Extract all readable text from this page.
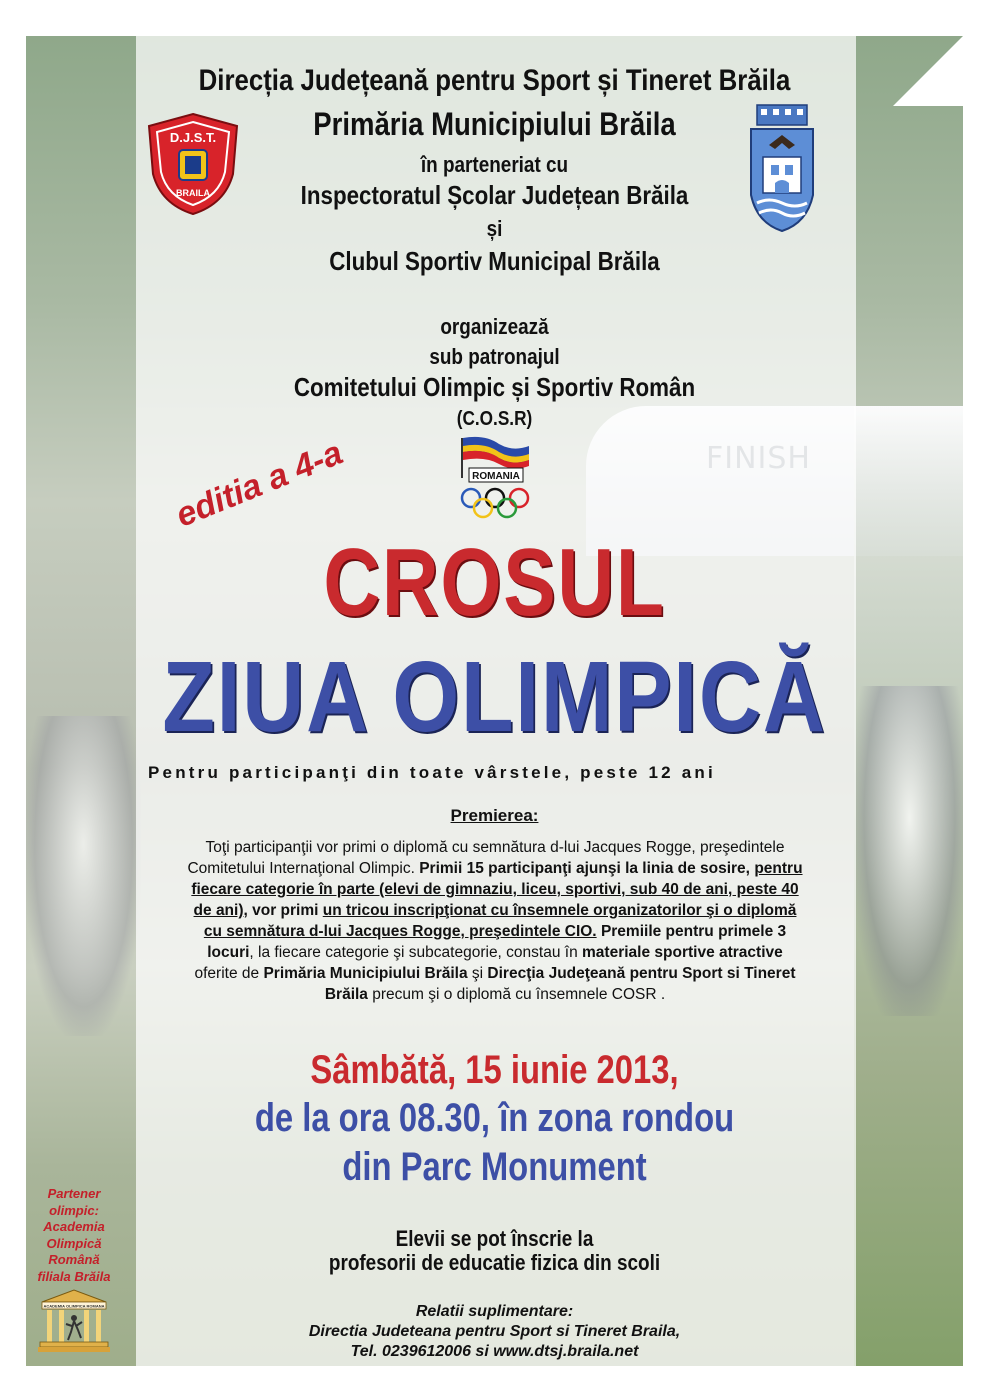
D.J.S.T.
BRAILA
ROMANIA
Direcția Județeană pentru Sport și Tineret Brăila
Primăria Municipiului Brăila
în parteneriat cu
Inspectoratul Școlar Județean Brăila
și
Clubul Sportiv Municipal Brăila
organizează
sub patronajul
Comitetului Olimpic și Sportiv Român
(C.O.S.R)
editia a 4-a
CROSUL
ZIUA OLIMPICĂ
Pentru participanţi din toate vârstele, peste 12 ani
Premierea:
Toţi participanţii vor primi o diplomă cu semnătura d-lui Jacques Rogge, preşedintele Comitetului Internaţional Olimpic. Primii 15 participanţi ajunşi la linia de sosire, pentru fiecare categorie în parte (elevi de gimnaziu, liceu, sportivi, sub 40 de ani, peste 40 de ani), vor primi un tricou inscripţionat cu însemnele organizatorilor şi o diplomă cu semnătura d-lui Jacques Rogge, preşedintele CIO. Premiile pentru primele 3 locuri, la fiecare categorie şi subcategorie, constau în materiale sportive atractive oferite de Primăria Municipiului Brăila şi Direcţia Judeţeană pentru Sport si Tineret Brăila precum şi o diplomă cu însemnele COSR .
Sâmbătă, 15 iunie 2013,
de la ora 08.30, în zona rondou
din Parc Monument
Elevii se pot înscrie la
profesorii de educatie fizica din scoli
Relatii suplimentare:
Directia Judeteana pentru Sport si Tineret Braila,
Tel. 0239612006 si www.dtsj.braila.net
Partener olimpic:
Academia Olimpică Română filiala Brăila
ACADEMIA OLIMPICA ROMANA
